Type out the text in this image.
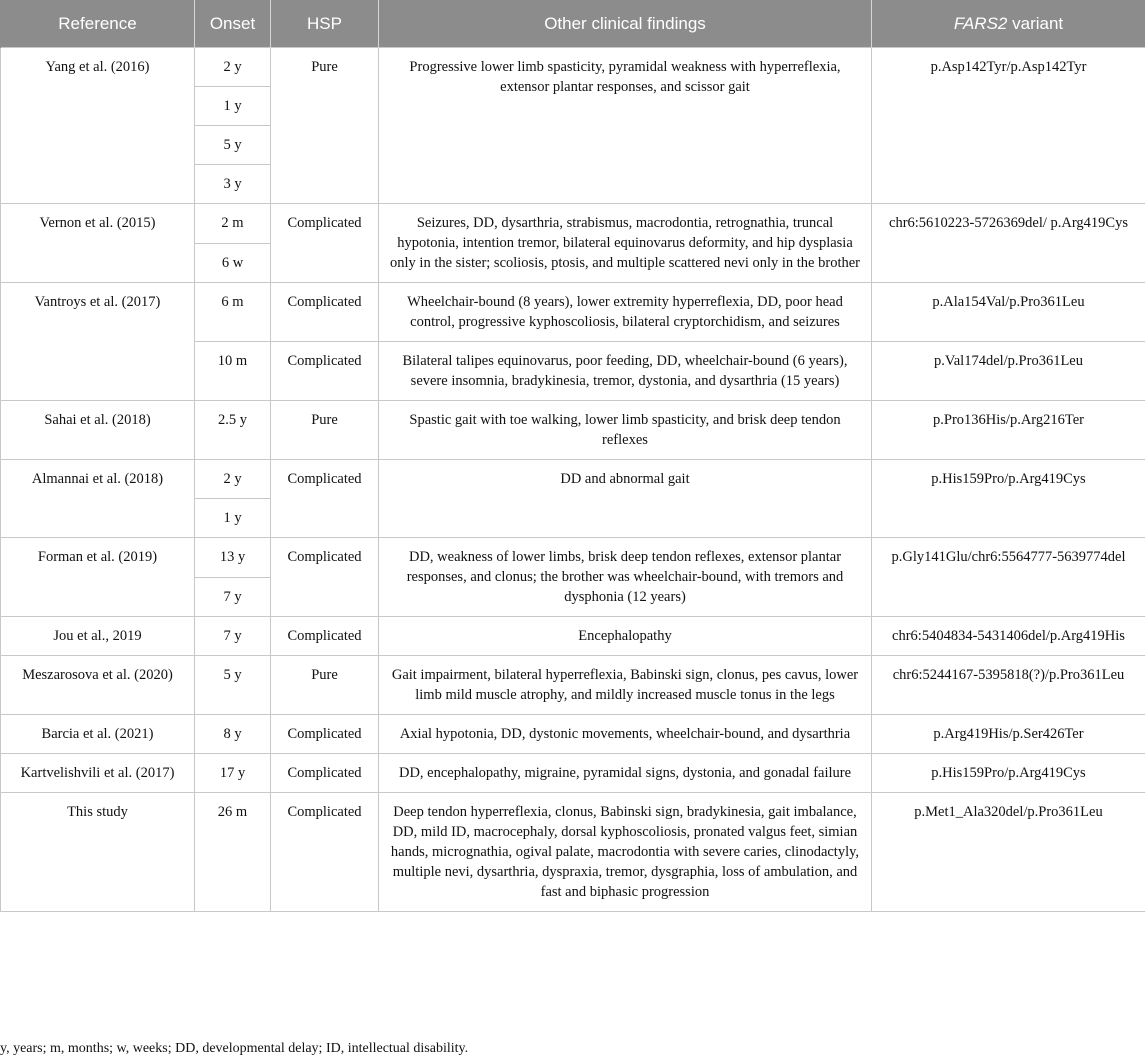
Reference	Onset	HSP	Other clinical findings	FARS2 variant
Yang et al. (2016)	2 y	Pure	Progressive lower limb spasticity, pyramidal weakness with hyperreflexia, extensor plantar responses, and scissor gait	p.Asp142Tyr/p.Asp142Tyr
	1 y			
	5 y			
	3 y			
Vernon et al. (2015)	2 m	Complicated	Seizures, DD, dysarthria, strabismus, macrodontia, retrognathia, truncal hypotonia, intention tremor, bilateral equinovarus deformity, and hip dysplasia only in the sister; scoliosis, ptosis, and multiple scattered nevi only in the brother	chr6:5610223-5726369del/ p.Arg419Cys
	6 w			
Vantroys et al. (2017)	6 m	Complicated	Wheelchair-bound (8 years), lower extremity hyperreflexia, DD, poor head control, progressive kyphoscoliosis, bilateral cryptorchidism, and seizures	p.Ala154Val/p.Pro361Leu
	10 m	Complicated	Bilateral talipes equinovarus, poor feeding, DD, wheelchair-bound (6 years), severe insomnia, bradykinesia, tremor, dystonia, and dysarthria (15 years)	p.Val174del/p.Pro361Leu
Sahai et al. (2018)	2.5 y	Pure	Spastic gait with toe walking, lower limb spasticity, and brisk deep tendon reflexes	p.Pro136His/p.Arg216Ter
Almannai et al. (2018)	2 y	Complicated	DD and abnormal gait	p.His159Pro/p.Arg419Cys
	1 y			
Forman et al. (2019)	13 y	Complicated	DD, weakness of lower limbs, brisk deep tendon reflexes, extensor plantar responses, and clonus; the brother was wheelchair-bound, with tremors and dysphonia (12 years)	p.Gly141Glu/chr6:5564777-5639774del
	7 y			
Jou et al., 2019	7 y	Complicated	Encephalopathy	chr6:5404834-5431406del/p.Arg419His
Meszarosova et al. (2020)	5 y	Pure	Gait impairment, bilateral hyperreflexia, Babinski sign, clonus, pes cavus, lower limb mild muscle atrophy, and mildly increased muscle tonus in the legs	chr6:5244167-5395818(?)/p.Pro361Leu
Barcia et al. (2021)	8 y	Complicated	Axial hypotonia, DD, dystonic movements, wheelchair-bound, and dysarthria	p.Arg419His/p.Ser426Ter
Kartvelishvili et al. (2017)	17 y	Complicated	DD, encephalopathy, migraine, pyramidal signs, dystonia, and gonadal failure	p.His159Pro/p.Arg419Cys
This study	26 m	Complicated	Deep tendon hyperreflexia, clonus, Babinski sign, bradykinesia, gait imbalance, DD, mild ID, macrocephaly, dorsal kyphoscoliosis, pronated valgus feet, simian hands, micrognathia, ogival palate, macrodontia with severe caries, clinodactyly, multiple nevi, dysarthria, dyspraxia, tremor, dysgraphia, loss of ambulation, and fast and biphasic progression	p.Met1_Ala320del/p.Pro361Leu
y, years; m, months; w, weeks; DD, developmental delay; ID, intellectual disability.
